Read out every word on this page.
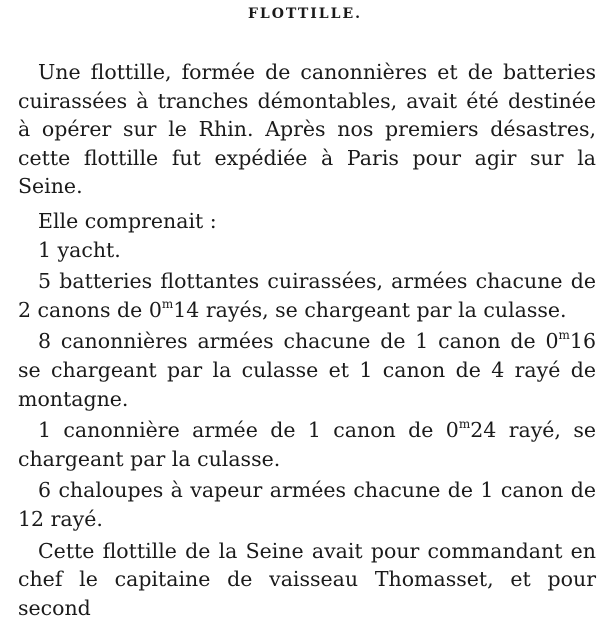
FLOTTILLE.

Une flottille, formée de canonnières et de batteries cuirassées à tranches démontables, avait été destinée à opérer sur le Rhin. Après nos premiers désastres, cette flottille fut expédiée à Paris pour agir sur la Seine.

Elle comprenait :

1 yacht.

5 batteries flottantes cuirassées, armées chacune de 2 canons de 0$^m$14 rayés, se chargeant par la culasse.

8 canonnières armées chacune de 1 canon de 0$^m$16 se chargeant par la culasse et 1 canon de 4 rayé de montagne.

1 canonnière armée de 1 canon de 0$^m$24 rayé, se chargeant par la culasse.

6 chaloupes à vapeur armées chacune de 1 canon de 12 rayé.

Cette flottille de la Seine avait pour commandant en chef le capitaine de vaisseau Thomasset, et pour second
